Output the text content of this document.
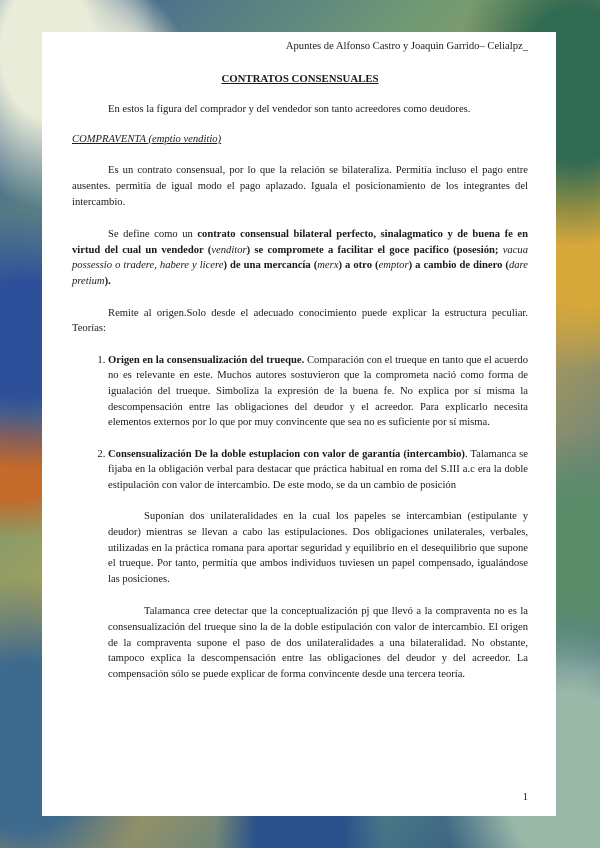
Apuntes de Alfonso Castro y Joaquin Garrido– Celialpz_
CONTRATOS CONSENSUALES

En estos la figura del comprador y del vendedor son tanto acreedores como deudores.

COMPRAVENTA (emptio venditio)

Es un contrato consensual, por lo que la relación se bilateraliza. Permitía incluso el pago entre ausentes. permitía de igual modo el pago aplazado. Iguala el posicionamiento de los integrantes del intercambio.

Se define como un contrato consensual bilateral perfecto, sinalagmatico y de buena fe en virtud del cual un vendedor (venditor) se compromete a facilitar el goce pacifico (posesión; vacua possessio o tradere, habere y licere) de una mercancía (merx) a otro (emptor) a cambio de dinero (dare pretium).

Remite al origen.Solo desde el adecuado conocimiento puede explicar la estructura peculiar. Teorías:

1. Origen en la consensualización del trueque. Comparación con el trueque en tanto que el acuerdo no es relevante en este. Muchos autores sostuvieron que la comprometa nació como forma de igualación del trueque. Simboliza la expresión de la buena fe. No explica por sí misma la descompensación entre las obligaciones del deudor y el acreedor. Para explicarlo necesita elementos externos por lo que por muy convincente que sea no es suficiente por sí misma.
2. Consensualización De la doble estuplacion con valor de garantía (intercambio). Talamanca se fijaba en la obligación verbal para destacar que práctica habitual en roma del S.III a.c era la doble estipulación con valor de intercambio. De este modo, se da un cambio de posición

Suponían dos unilateralidades en la cual los papeles se intercambian (estipulante y deudor) mientras se llevan a cabo las estipulaciones. Dos obligaciones unilaterales, verbales, utilizadas en la práctica romana para aportar seguridad y equilibrio en el desequilibrio que supone el trueque. Por tanto, permitía que ambos individuos tuviesen un papel compensado, igualándose las posiciones.

Talamanca cree detectar que la conceptualización pj que llevó a la compraventa no es la consensualización del trueque sino la de la doble estipulación con valor de intercambio. El origen de la compraventa supone el paso de dos unilateralidades a una bilateralidad. No obstante, tampoco explica la descompensación entre las obligaciones del deudor y del acreedor. La compensación sólo se puede explicar de forma convincente desde una tercera teoría.

1
